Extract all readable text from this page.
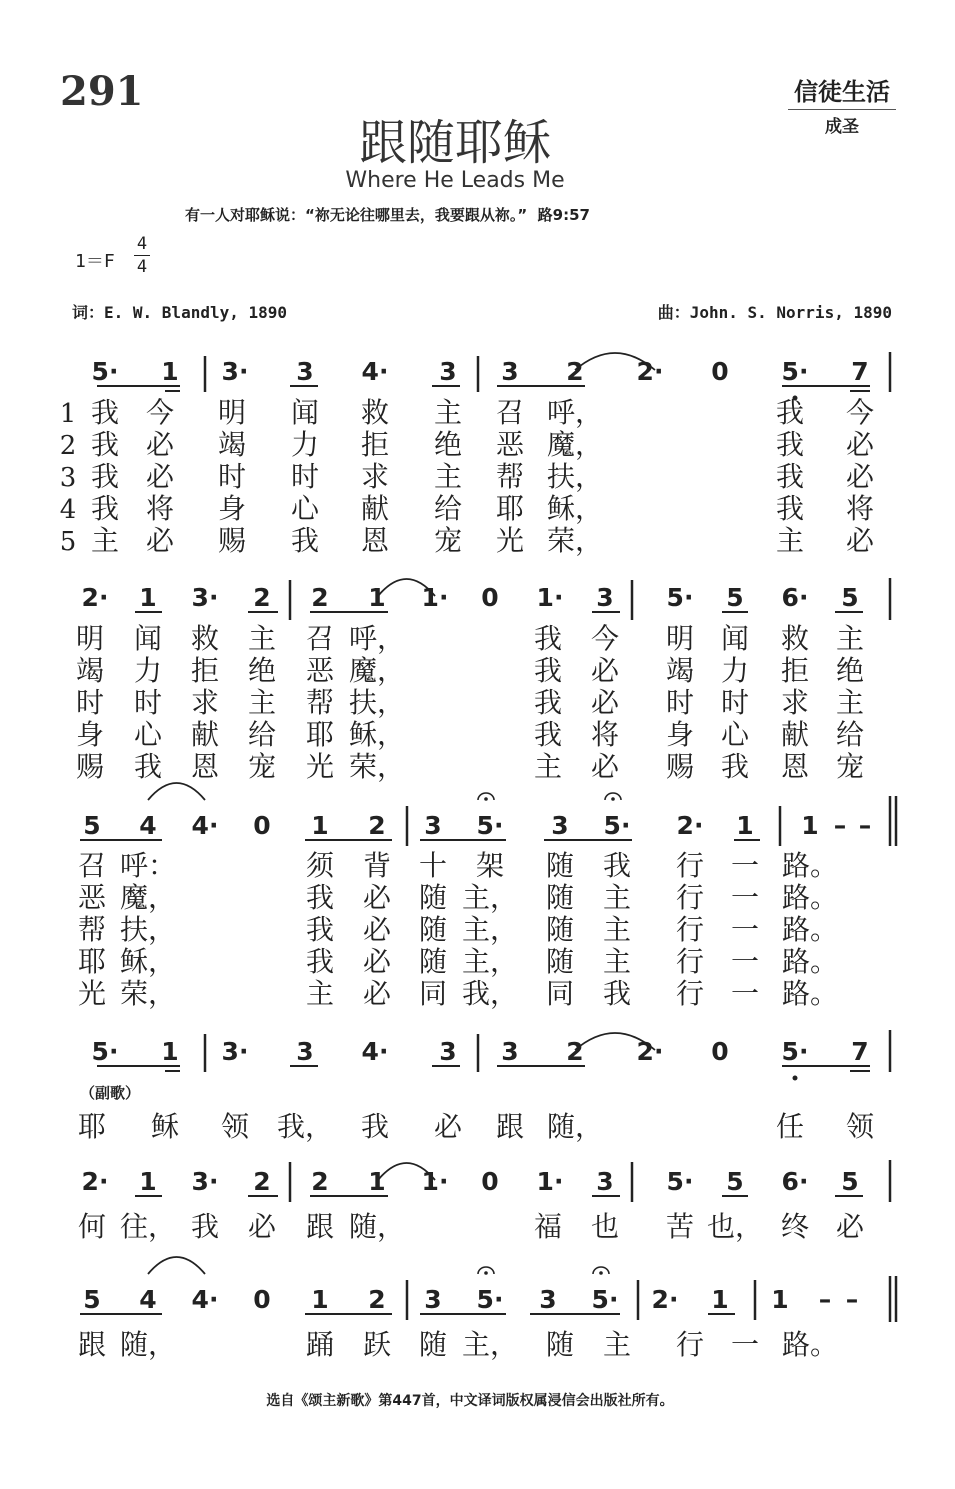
291	信徒生活
成圣
跟随耶稣
Where He Leads Me
有一人对耶稣说：“祢无论往哪里去，我要跟从祢。”  路9:57
1＝F
4
4
词：E. W. Blandly, 1890	曲：John. S. Norris, 1890
（副歌）
选自《颂主新歌》第447首，中文译词版权属浸信会出版社所有。
5· 1 3· 3 4· 3 3 2 2· 0 5· 7
1
2
3
4
5
我 今 明 闻 救 主 召 呼，	我 今
我 必 竭 力 拒 绝 恶 魔，	我 必
我 必 时 时 求 主 帮 扶，	我 必
我 将 身 心 献 给 耶 稣，	我 将
主 必 赐 我 恩 宠 光 荣，	主 必
2· 1 3· 2 2 1 1· 0 1· 3 5· 5 6· 5
明 闻 救 主 召 呼，	我 今 明 闻 救 主
竭 力 拒 绝 恶 魔，	我 必 竭 力 拒 绝
时 时 求 主 帮 扶，	我 必 时 时 求 主
身 心 献 给 耶 稣，	我 将 身 心 献 给
赐 我 恩 宠 光 荣，	主 必 赐 我 恩 宠
5 4 4· 0 1 2 3 5· 3 5· 2· 1 1 – –
召 呼：	须 背 十 架 随 我 行 一 路。
恶 魔，	我 必 随 主， 随 主 行 一 路。
帮 扶，	我 必 随 主， 随 主 行 一 路。
耶 稣，	我 必 随 主， 随 主 行 一 路。
光 荣，	主 必 同 我， 同 我 行 一 路。
5· 1 3· 3 4· 3 3 2 2· 0 5· 7
耶 稣 领 我， 我 必 跟 随，	任 领
2· 1 3· 2 2 1 1· 0 1· 3 5· 5 6· 5
何 往， 我 必 跟 随，	福 也 苦 也， 终 必
5 4 4· 0 1 2 3 5· 3 5· 2· 1 1 – –
跟 随，	踊 跃 随 主， 随 主 行 一 路。
